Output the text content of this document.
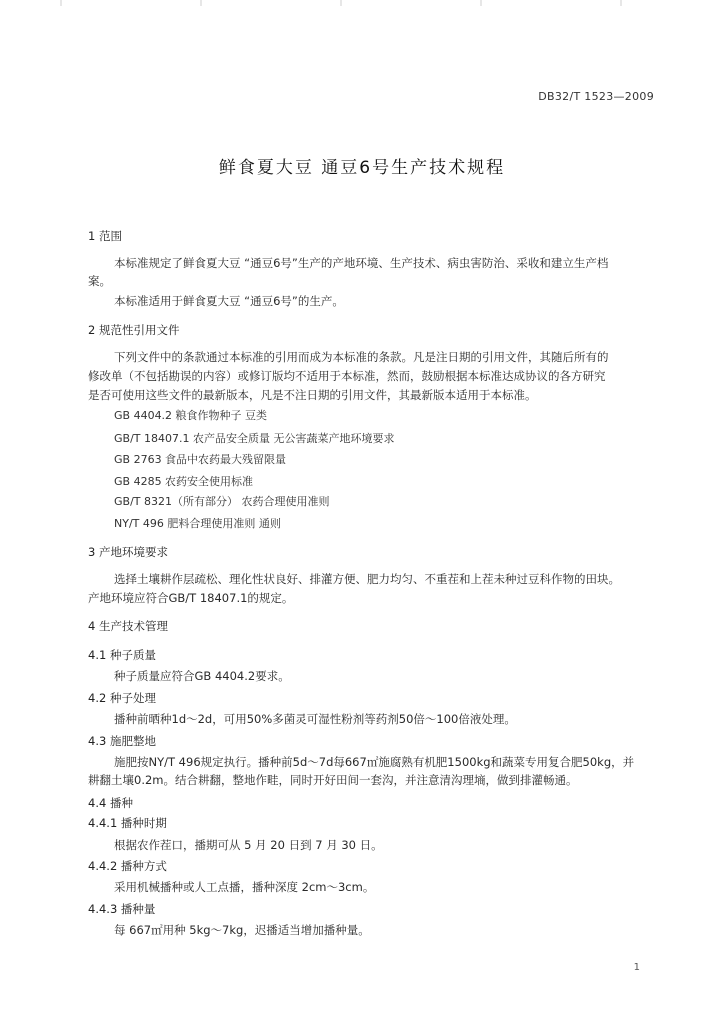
DB32/T 1523—2009
鲜食夏大豆 通豆6号生产技术规程
1 范围
本标准规定了鲜食夏大豆 “通豆6号”生产的产地环境、生产技术、病虫害防治、采收和建立生产档
案。
本标准适用于鲜食夏大豆 “通豆6号”的生产。
2 规范性引用文件
下列文件中的条款通过本标准的引用而成为本标准的条款。凡是注日期的引用文件，其随后所有的
修改单（不包括勘误的内容）或修订版均不适用于本标准，然而，鼓励根据本标准达成协议的各方研究
是否可使用这些文件的最新版本，凡是不注日期的引用文件，其最新版本适用于本标准。
GB 4404.2 粮食作物种子 豆类
GB/T 18407.1 农产品安全质量 无公害蔬菜产地环境要求
GB 2763 食品中农药最大残留限量
GB 4285 农药安全使用标准
GB/T 8321（所有部分） 农药合理使用准则
NY/T 496 肥料合理使用准则 通则
3 产地环境要求
选择土壤耕作层疏松、理化性状良好、排灌方便、肥力均匀、不重茬和上茬未种过豆科作物的田块。
产地环境应符合GB/T 18407.1的规定。
4 生产技术管理
4.1 种子质量
种子质量应符合GB 4404.2要求。
4.2 种子处理
播种前晒种1d～2d，可用50%多菌灵可湿性粉剂等药剂50倍～100倍液处理。
4.3 施肥整地
施肥按NY/T 496规定执行。播种前5d～7d每667㎡施腐熟有机肥1500kg和蔬菜专用复合肥50kg，并
耕翻土壤0.2m。结合耕翻，整地作畦，同时开好田间一套沟，并注意清沟理墒，做到排灌畅通。
4.4 播种
4.4.1 播种时期
根据农作茬口，播期可从 5 月 20 日到 7 月 30 日。
4.4.2 播种方式
采用机械播种或人工点播，播种深度 2cm～3cm。
4.4.3 播种量
每 667㎡用种 5kg～7kg，迟播适当增加播种量。
1
